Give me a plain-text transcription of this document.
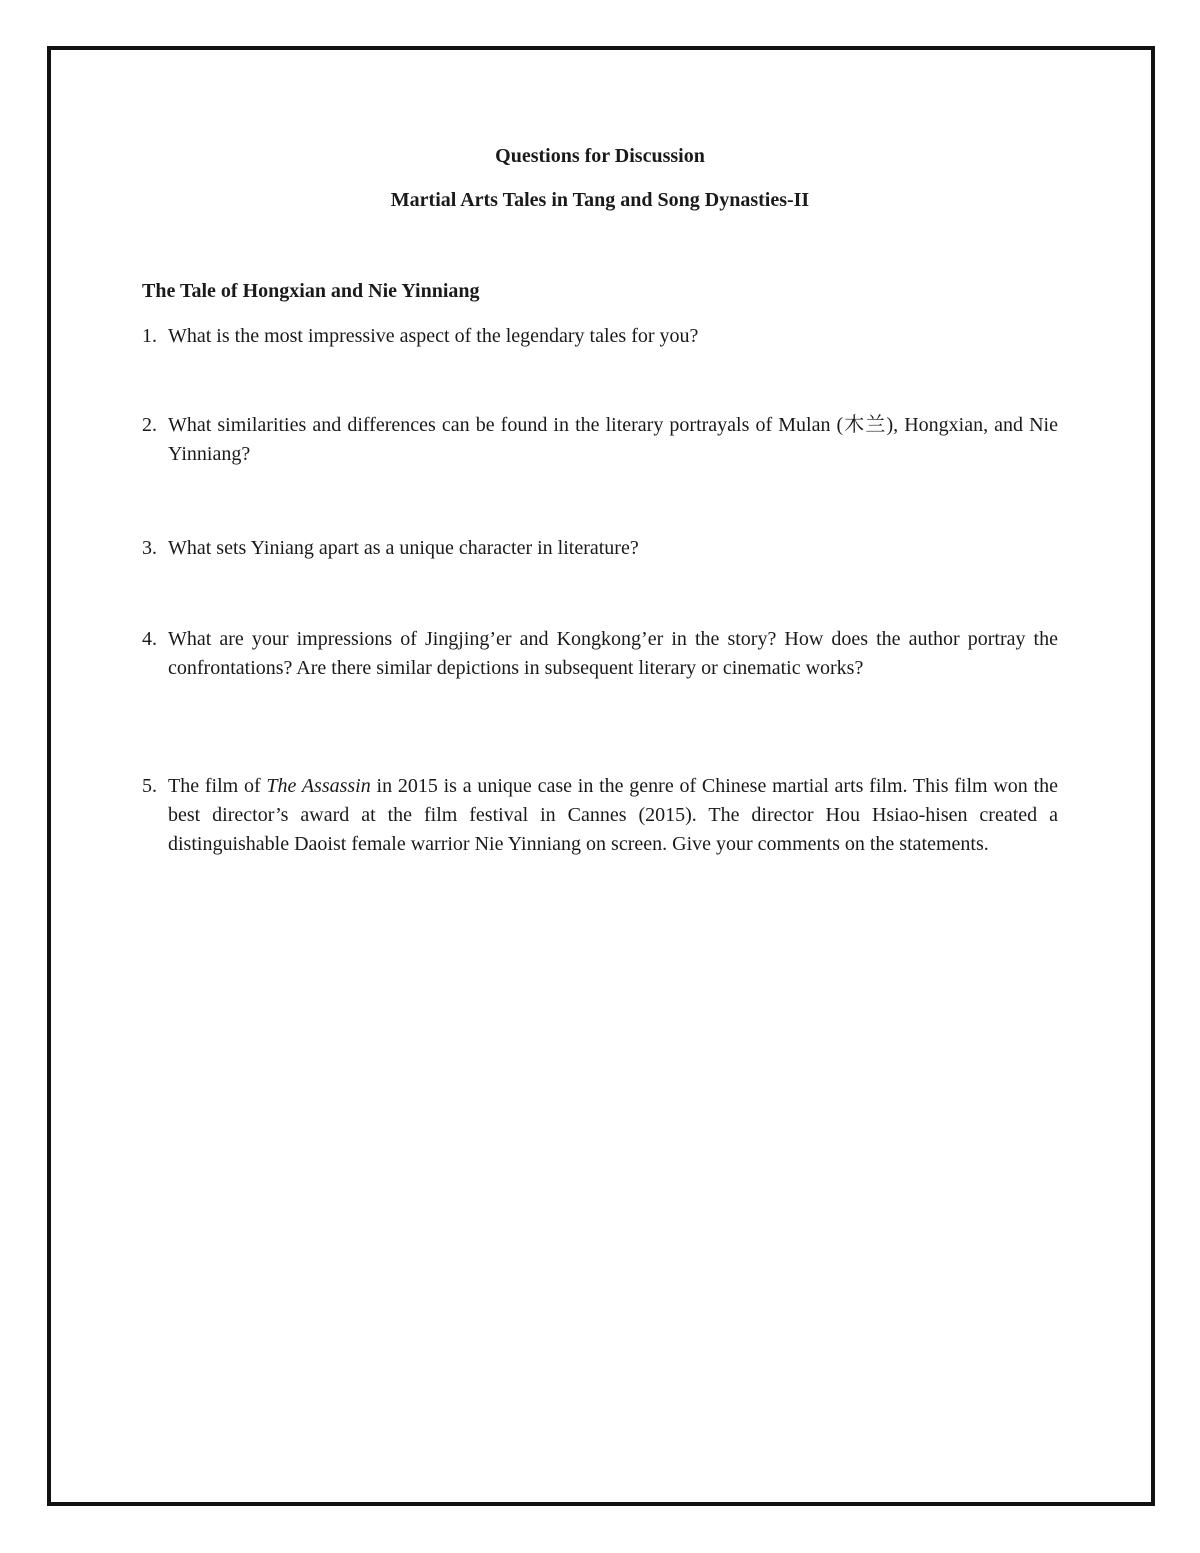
Questions for Discussion
Martial Arts Tales in Tang and Song Dynasties-II
The Tale of Hongxian and Nie Yinniang
1. What is the most impressive aspect of the legendary tales for you?
2. What similarities and differences can be found in the literary portrayals of Mulan (木兰), Hongxian, and Nie Yinniang?
3. What sets Yiniang apart as a unique character in literature?
4. What are your impressions of Jingjing’er and Kongkong’er in the story? How does the author portray the confrontations? Are there similar depictions in subsequent literary or cinematic works?
5. The film of The Assassin in 2015 is a unique case in the genre of Chinese martial arts film. This film won the best director’s award at the film festival in Cannes (2015). The director Hou Hsiao-hisen created a distinguishable Daoist female warrior Nie Yinniang on screen. Give your comments on the statements.
